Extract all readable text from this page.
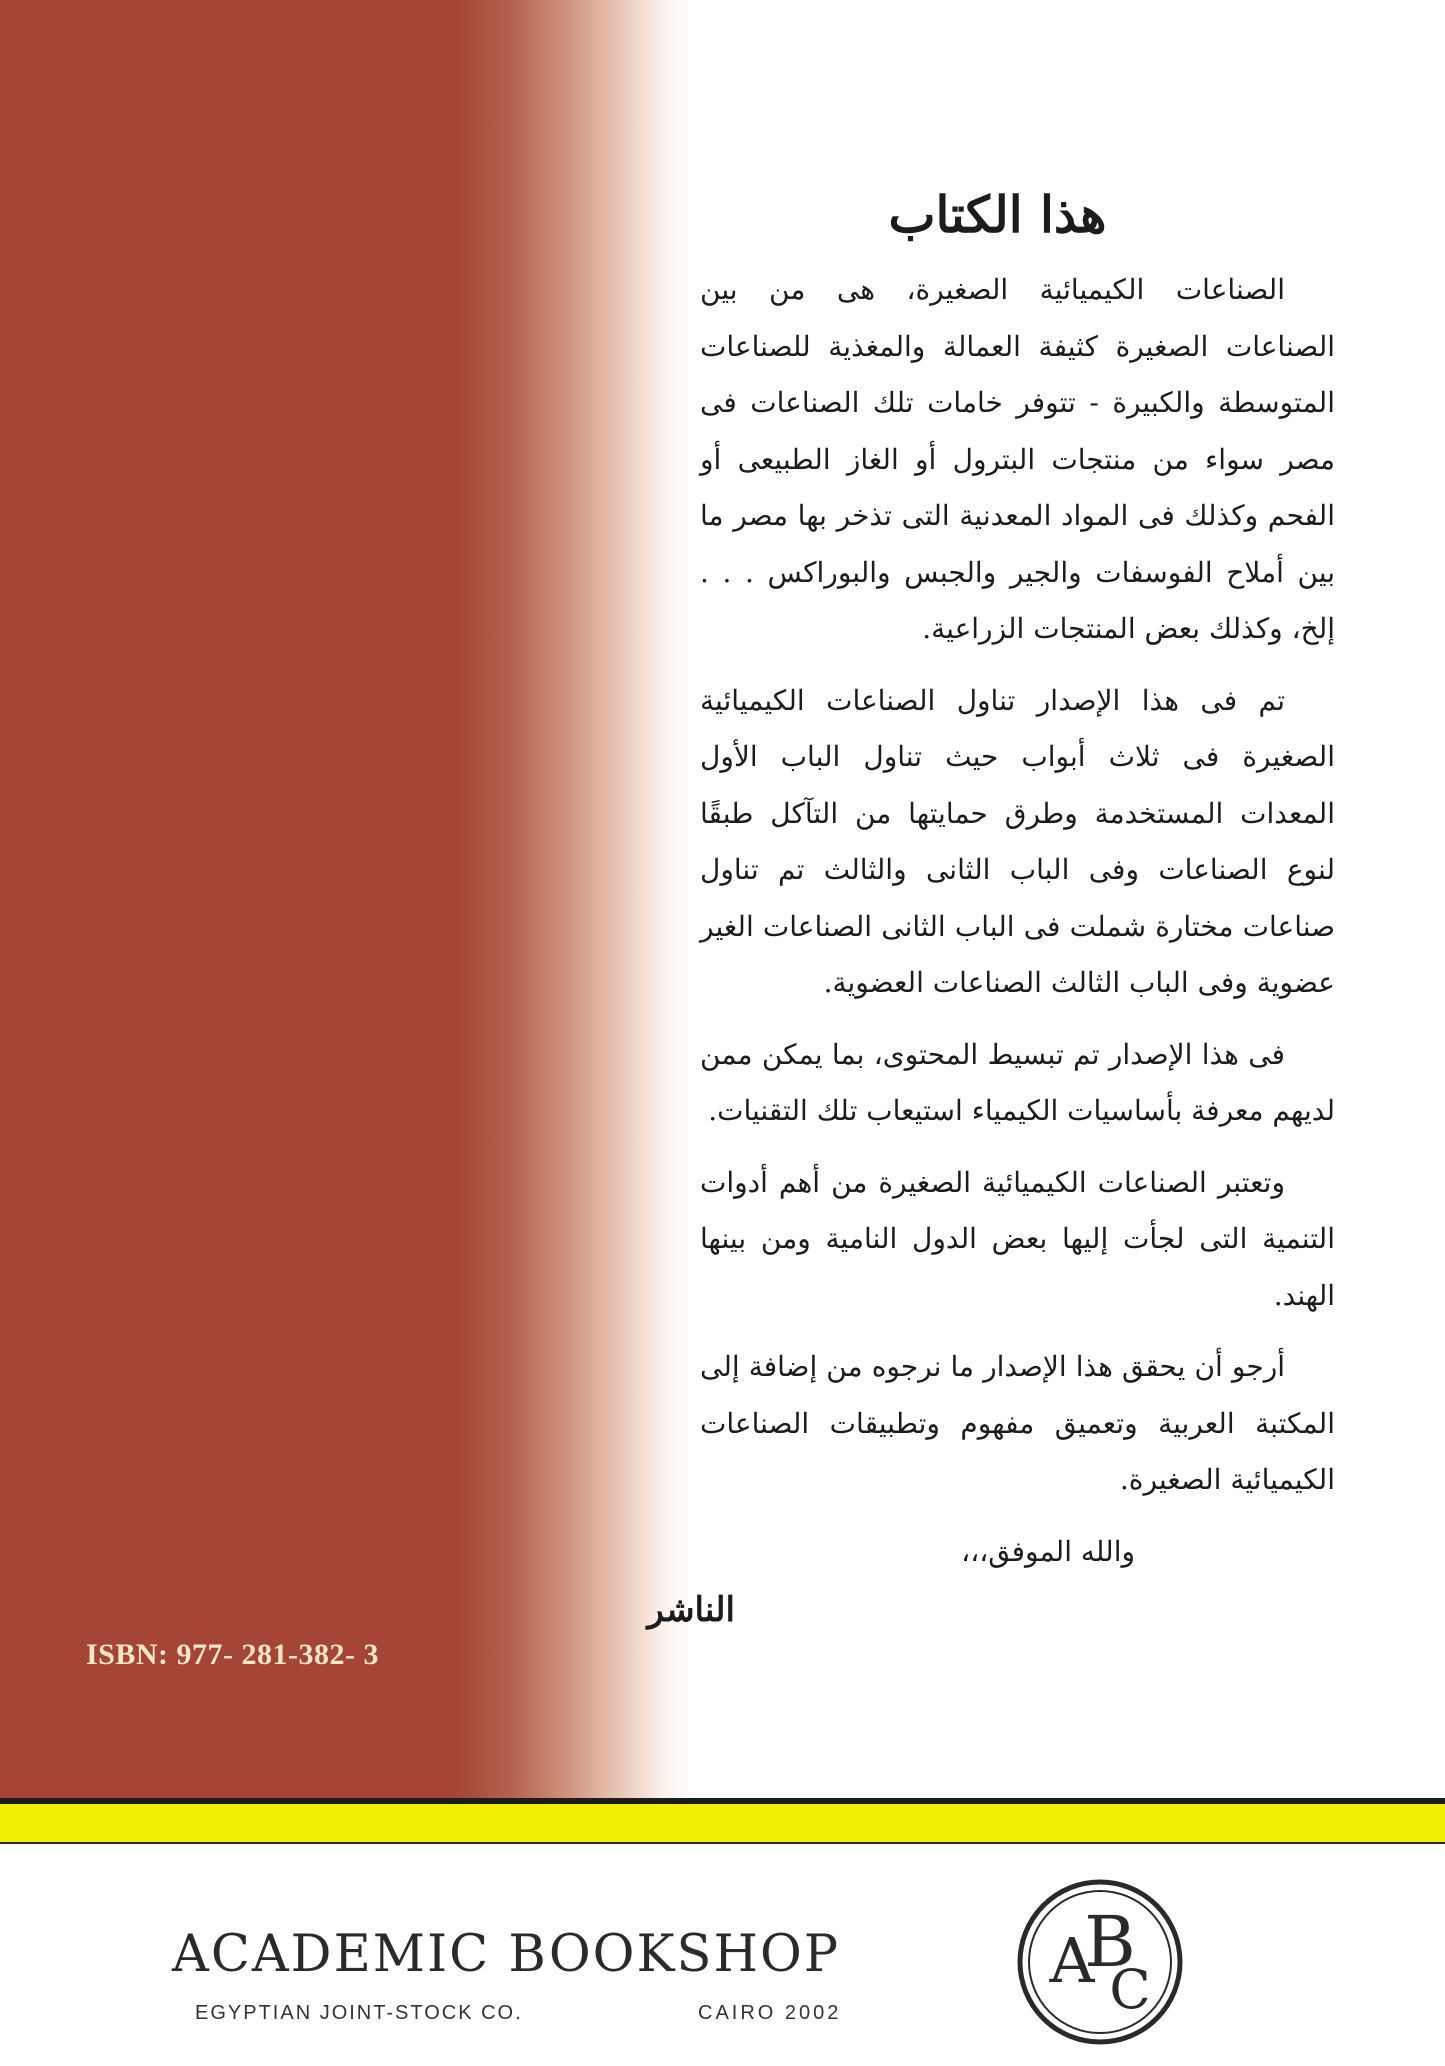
ISBN: 977- 281-382- 3
هذا الكتاب

الصناعات الكيميائية الصغيرة، هى من بين الصناعات الصغيرة كثيفة العمالة والمغذية للصناعات المتوسطة والكبيرة - تتوفر خامات تلك الصناعات فى مصر سواء من منتجات البترول أو الغاز الطبيعى أو الفحم وكذلك فى المواد المعدنية التى تذخر بها مصر ما بين أملاح الفوسفات والجير والجبس والبوراكس . . . إلخ، وكذلك بعض المنتجات الزراعية.

تم فى هذا الإصدار تناول الصناعات الكيميائية الصغيرة فى ثلاث أبواب حيث تناول الباب الأول المعدات المستخدمة وطرق حمايتها من التآكل طبقًا لنوع الصناعات وفى الباب الثانى والثالث تم تناول صناعات مختارة شملت فى الباب الثانى الصناعات الغير عضوية وفى الباب الثالث الصناعات العضوية.

فى هذا الإصدار تم تبسيط المحتوى، بما يمكن ممن لديهم معرفة بأساسيات الكيمياء استيعاب تلك التقنيات.

وتعتبر الصناعات الكيميائية الصغيرة من أهم أدوات التنمية التى لجأت إليها بعض الدول النامية ومن بينها الهند.

أرجو أن يحقق هذا الإصدار ما نرجوه من إضافة إلى المكتبة العربية وتعميق مفهوم وتطبيقات الصناعات الكيميائية الصغيرة.

والله الموفق،،،

الناشر

ACADEMIC BOOKSHOP
EGYPTIAN JOINT-STOCK CO.	CAIRO 2002
A
B
C
